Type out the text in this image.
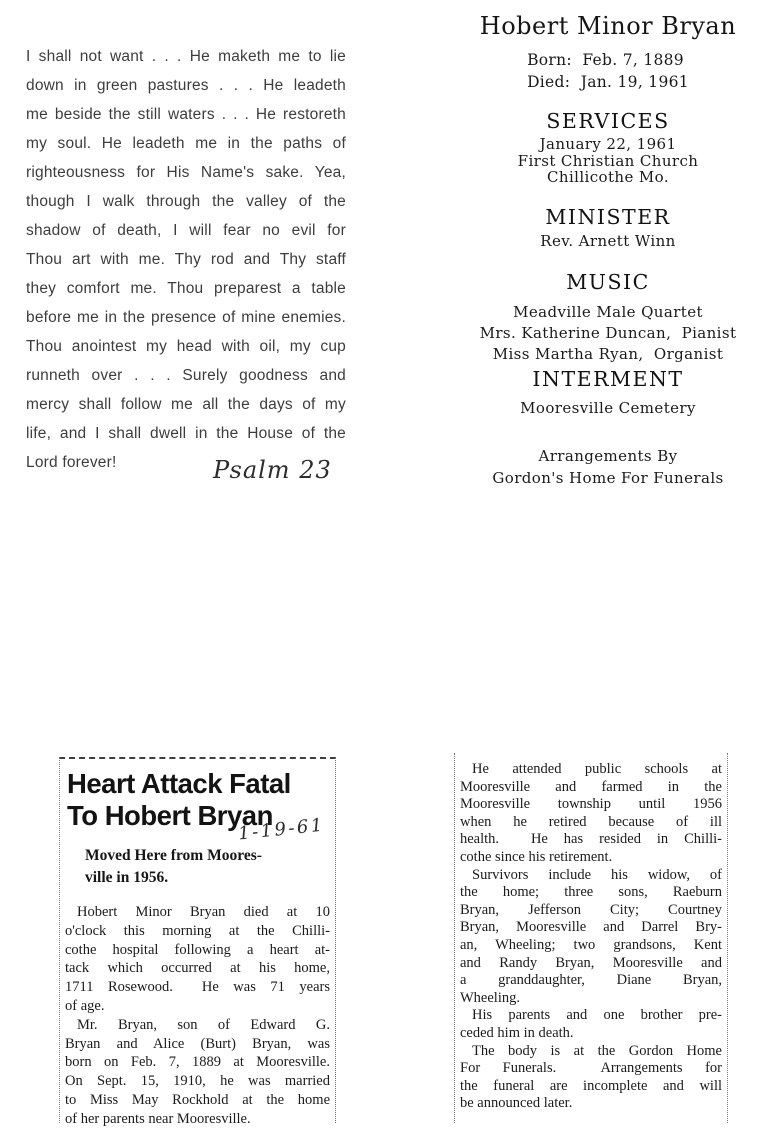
I shall not want . . . He maketh me to lie
down in green pastures . . . He leadeth
me beside the still waters . . . He restoreth
my soul. He leadeth me in the paths of
righteousness for His Name's sake. Yea,
though I walk through the valley of the
shadow of death, I will fear no evil for
Thou art with me. Thy rod and Thy staff
they comfort me. Thou preparest a table
before me in the presence of mine enemies.
Thou anointest my head with oil, my cup
runneth over . . . Surely goodness and
mercy shall follow me all the days of my
life, and I shall dwell in the House of the
Lord forever!	Psalm 23
Hobert Minor Bryan
Born:  Feb. 7, 1889
Died:  Jan. 19, 1961
SERVICES
January 22, 1961
First Christian Church
Chillicothe Mo.
MINISTER
Rev. Arnett Winn
MUSIC
Meadville Male Quartet
Mrs. Katherine Duncan,  Pianist
Miss Martha Ryan,  Organist
INTERMENT
Mooresville Cemetery
Arrangements By
Gordon's Home For Funerals
Heart Attack Fatal
To Hobert Bryan
1-19-61
Moved Here from Moores-
ville in 1956.
Hobert Minor Bryan died at 10
o'clock this morning at the Chilli-
cothe hospital following a heart at-
tack which occurred at his home,
1711 Rosewood.  He was 71 years
of age.
Mr. Bryan, son of Edward G.
Bryan and Alice (Burt) Bryan, was
born on Feb. 7, 1889 at Mooresville.
On Sept. 15, 1910, he was married
to Miss May Rockhold at the home
of her parents near Mooresville.
He attended public schools at
Mooresville and farmed in the
Mooresville township until 1956
when he retired because of ill
health.  He has resided in Chilli-
cothe since his retirement.
Survivors include his widow, of
the home; three sons, Raeburn
Bryan, Jefferson City; Courtney
Bryan, Mooresville and Darrel Bry-
an, Wheeling; two grandsons, Kent
and Randy Bryan, Mooresville and
a granddaughter, Diane Bryan,
Wheeling.
His parents and one brother pre-
ceded him in death.
The body is at the Gordon Home
For Funerals.  Arrangements for
the funeral are incomplete and will
be announced later.
